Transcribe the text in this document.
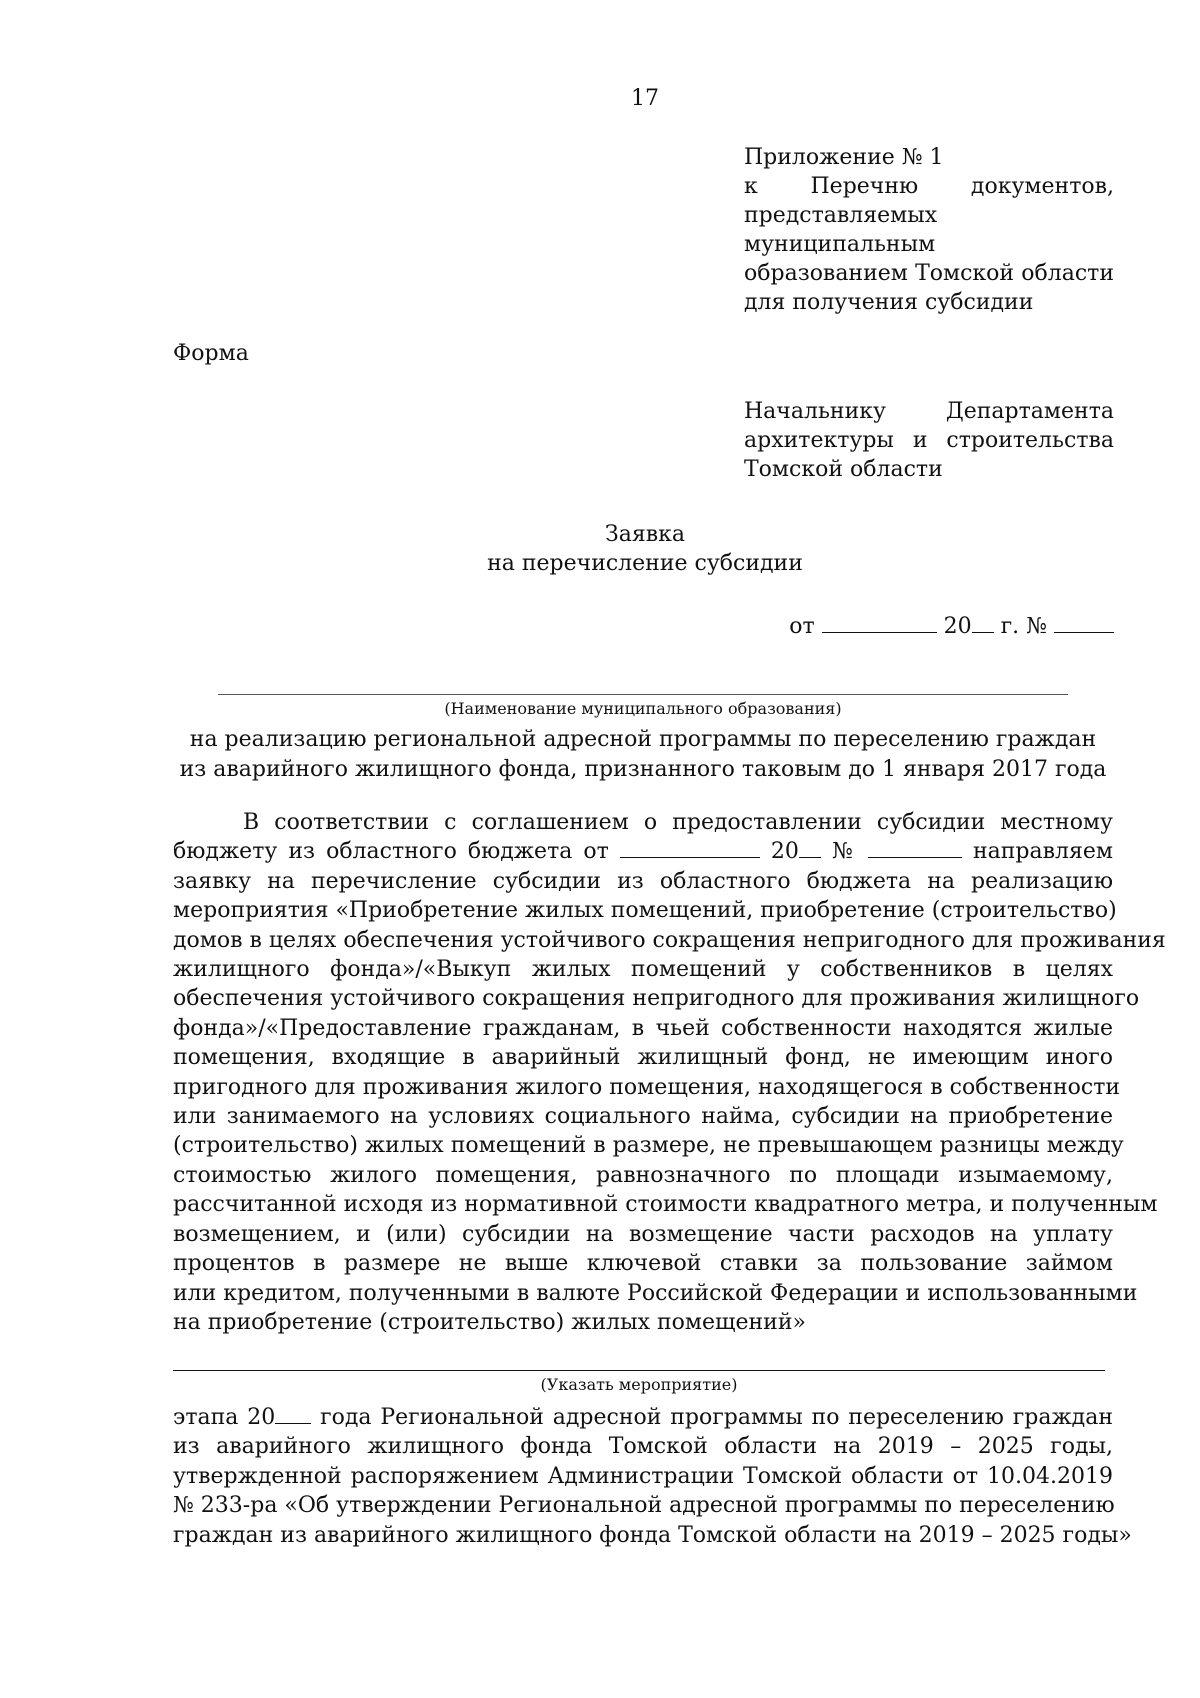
17
Приложение № 1
к Перечню документов,
представляемых муниципальным
образованием Томской области
для получения субсидии
Форма
Начальнику	Департамента
архитектуры и строительства
Томской области
Заявка
на перечисление субсидии
от	20 г. №
(Наименование муниципального образования)
на реализацию региональной адресной программы по переселению граждан
из аварийного жилищного фонда, признанного таковым до 1 января 2017 года
В соответствии с соглашением о предоставлении субсидии местному
бюджету из областного бюджета от	20 №	направляем
заявку на перечисление субсидии из областного бюджета на реализацию
мероприятия «Приобретение жилых помещений, приобретение (строительство)
домов в целях обеспечения устойчивого сокращения непригодного для проживания
жилищного фонда»/«Выкуп жилых помещений у собственников в целях
обеспечения устойчивого сокращения непригодного для проживания жилищного
фонда»/«Предоставление гражданам, в чьей собственности находятся жилые
помещения, входящие в аварийный жилищный фонд, не имеющим иного
пригодного для проживания жилого помещения, находящегося в собственности
или занимаемого на условиях социального найма, субсидии на приобретение
(строительство) жилых помещений в размере, не превышающем разницы между
стоимостью жилого помещения, равнозначного по площади изымаемому,
рассчитанной исходя из нормативной стоимости квадратного метра, и полученным
возмещением, и (или) субсидии на возмещение части расходов на уплату
процентов в размере не выше ключевой ставки за пользование займом
или кредитом, полученными в валюте Российской Федерации и использованными
на приобретение (строительство) жилых помещений»
(Указать мероприятие)
этапа 20 года Региональной адресной программы по переселению граждан
из аварийного жилищного фонда Томской области на 2019 – 2025 годы,
утвержденной распоряжением Администрации Томской области от 10.04.2019
№ 233-ра «Об утверждении Региональной адресной программы по переселению
граждан из аварийного жилищного фонда Томской области на 2019 – 2025 годы»
